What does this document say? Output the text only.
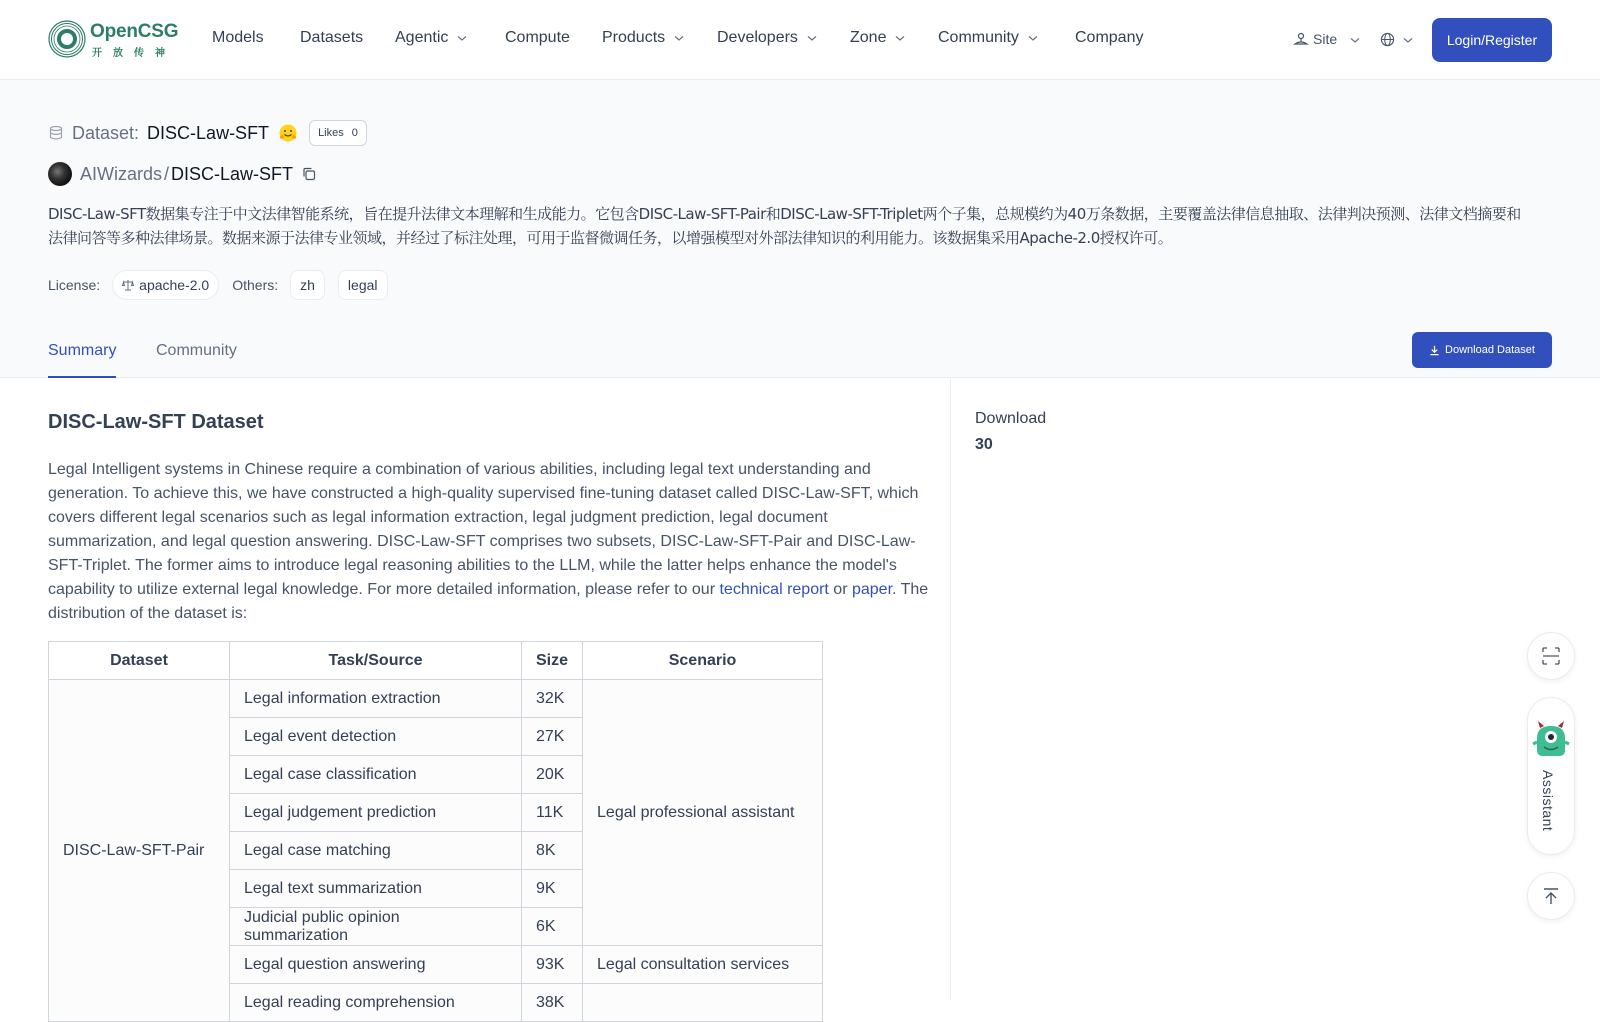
OpenCSG
开放传神
Models Datasets Agentic	Compute Products	Developers	Zone	Community	Company	Site	Login/Register
Dataset: DISC-Law-SFT	Likes 0
AIWizards / DISC-Law-SFT
DISC-Law-SFT数据集专注于中文法律智能系统，旨在提升法律文本理解和生成能力。它包含DISC-Law-SFT-Pair和DISC-Law-SFT-Triplet两个子集，总规模约为40万条数据，主要覆盖法律信息抽取、法律判决预测、法律文档摘要和法律问答等多种法律场景。数据来源于法律专业领域，并经过了标注处理，可用于监督微调任务，以增强模型对外部法律知识的利用能力。该数据集采用Apache-2.0授权许可。
License:	apache-2.0 Others:	zh	legal
Summary Community	Download Dataset
DISC-Law-SFT Dataset

Legal Intelligent systems in Chinese require a combination of various abilities, including legal text understanding and generation. To achieve this, we have constructed a high-quality supervised fine-tuning dataset called DISC-Law-SFT, which covers different legal scenarios such as legal information extraction, legal judgment prediction, legal document summarization, and legal question answering. DISC-Law-SFT comprises two subsets, DISC-Law-SFT-Pair and DISC-Law-SFT-Triplet. The former aims to introduce legal reasoning abilities to the LLM, while the latter helps enhance the model's capability to utilize external legal knowledge. For more detailed information, please refer to our technical report or paper. The distribution of the dataset is:

Dataset	Task/Source	Size	Scenario
DISC-Law-SFT-Pair	Legal information extraction	32K	Legal professional assistant
	Legal event detection	27K	
	Legal case classification	20K	
	Legal judgement prediction	11K	
	Legal case matching	8K	
	Legal text summarization	9K	
	Judicial public opinion summarization	6K	
	Legal question answering	93K	Legal consultation services
	Legal reading comprehension	38K	
Download
30
Assistant
